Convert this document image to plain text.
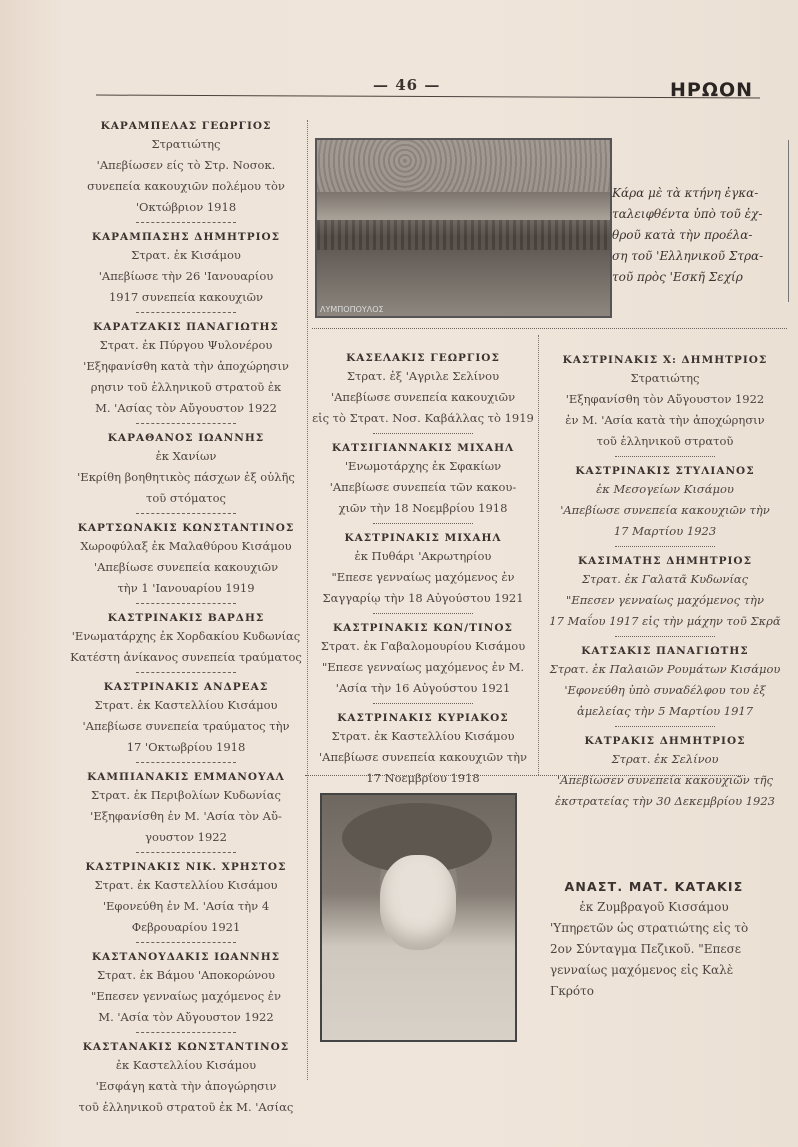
— 46 —	ΗΡΩΟΝ
ΚΑΡΑΜΠΕΛΑΣ ΓΕΩΡΓΙΟΣ
Στρατιώτης
'Απεβίωσεν είς τὸ Στρ. Νοσοκ.
συνεπεία κακουχιῶν πολέμου τὸν
'Οκτώβριον 1918
ΚΑΡΑΜΠΑΣΗΣ ΔΗΜΗΤΡΙΟΣ
Στρατ. ἐκ Κισάμου
'Απεβίωσε τὴν 26 'Ιανουαρίου
1917 συνεπεία κακουχιῶν
ΚΑΡΑΤΖΑΚΙΣ ΠΑΝΑΓΙΩΤΗΣ
Στρατ. ἐκ Πύργου Ψυλονέρου
'Εξηφανίσθη κατὰ τὴν ἀποχώρησιν
ρησιν τοῦ ἑλληνικοῦ στρατοῦ ἐκ
Μ. 'Ασίας τὸν Αὔγουστον 1922
ΚΑΡΑΘΑΝΟΣ ΙΩΑΝΝΗΣ
ἐκ Χανίων
'Εκρίθη βοηθητικὸς πάσχων ἐξ οὐλῆς
τοῦ στόματος
ΚΑΡΤΣΩΝΑΚΙΣ ΚΩΝΣΤΑΝΤΙΝΟΣ
Χωροφύλαξ ἐκ Μαλαθύρου Κισάμου
'Απεβίωσε συνεπεία κακουχιῶν
τὴν 1 'Ιανουαρίου 1919
ΚΑΣΤΡΙΝΑΚΙΣ ΒΑΡΔΗΣ
'Ενωματάρχης ἐκ Χορδακίου Κυδωνίας
Κατέστη ἀνίκανος συνεπεία τραύματος
ΚΑΣΤΡΙΝΑΚΙΣ ΑΝΔΡΕΑΣ
Στρατ. ἐκ Καστελλίου Κισάμου
'Απεβίωσε συνεπεία τραύματος τὴν
17 'Οκτωβρίου 1918
ΚΑΜΠΙΑΝΑΚΙΣ ΕΜΜΑΝΟΥΑΛ
Στρατ. ἐκ Περιβολίων Κυδωνίας
'Εξηφανίσθη ἐν Μ. 'Ασία τὸν Αὔ-
γουστον 1922
ΚΑΣΤΡΙΝΑΚΙΣ ΝΙΚ. ΧΡΗΣΤΟΣ
Στρατ. ἐκ Καστελλίου Κισάμου
'Εφονεύθη ἐν Μ. 'Ασία τὴν 4
Φεβρουαρίου 1921
ΚΑΣΤΑΝΟΥΔΑΚΙΣ ΙΩΑΝΝΗΣ
Στρατ. ἐκ Βάμου 'Αποκορώνου
"Επεσεν γενναίως μαχόμενος ἐν
Μ. 'Ασία τὸν Αὔγουστον 1922
ΚΑΣΤΑΝΑΚΙΣ ΚΩΝΣΤΑΝΤΙΝΟΣ
ἐκ Καστελλίου Κισάμου
'Εσφάγη κατὰ τὴν ἀπογώρησιν
τοῦ ἑλληνικοῦ στρατοῦ ἐκ Μ. 'Ασίας
ΛΥΜΠΟΠΟΥΛΟΣ
Κάρα μὲ τὰ κτήνη ἐγκα-
ταλειφθέντα ὑπὸ τοῦ ἐχ-
θροῦ κατὰ τὴν προέλα-
ση τοῦ 'Ελληνικοῦ Στρα-
τοῦ πρὸς 'Εσκῆ Σεχίρ
ΚΑΣΕΛΑΚΙΣ ΓΕΩΡΓΙΟΣ
Στρατ. ἐξ 'Αγριλε Σελίνου
'Απεβίωσε συνεπεία κακουχιῶν
εἰς τὸ Στρατ. Νοσ. Καβάλλας τὸ 1919
ΚΑΤΣΙΓΙΑΝΝΑΚΙΣ ΜΙΧΑΗΛ
'Ενωμοτάρχης ἐκ Σφακίων
'Απεβίωσε συνεπεία τῶν κακου-
χιῶν τὴν 18 Νοεμβρίου 1918
ΚΑΣΤΡΙΝΑΚΙΣ ΜΙΧΑΗΛ
ἐκ Πυθάρι 'Ακρωτηρίου
"Επεσε γενναίως μαχόμενος ἐν
Σαγγαρίῳ τὴν 18 Αὐγούστου 1921
ΚΑΣΤΡΙΝΑΚΙΣ ΚΩΝ/ΤΙΝΟΣ
Στρατ. ἐκ Γαβαλομουρίου Κισάμου
"Επεσε γενναίως μαχόμενος ἐν Μ.
'Ασία τὴν 16 Αὐγούστου 1921
ΚΑΣΤΡΙΝΑΚΙΣ ΚΥΡΙΑΚΟΣ
Στρατ. ἐκ Καστελλίου Κισάμου
'Απεβίωσε συνεπεία κακουχιῶν τὴν
17 Νοεμβρίου 1918
ΚΑΣΤΡΙΝΑΚΙΣ Χ: ΔΗΜΗΤΡΙΟΣ
Στρατιώτης
'Εξηφανίσθη τὸν Αὔγουστον 1922
ἐν Μ. 'Ασία κατὰ τὴν ἀποχώρησιν
τοῦ ἑλληνικοῦ στρατοῦ
ΚΑΣΤΡΙΝΑΚΙΣ ΣΤΥΛΙΑΝΟΣ
ἐκ Μεσογείων Κισάμου
'Απεβίωσε συνεπεία κακουχιῶν τὴν
17 Μαρτίου 1923
ΚΑΣΙΜΑΤΗΣ ΔΗΜΗΤΡΙΟΣ
Στρατ. ἐκ Γαλατᾶ Κυδωνίας
"Επεσεν γενναίως μαχόμενος τὴν
17 Μαΐου 1917 εἰς τὴν μάχην τοῦ Σκρᾶ
ΚΑΤΣΑΚΙΣ ΠΑΝΑΓΙΩΤΗΣ
Στρατ. ἐκ Παλαιῶν Ρουμάτων Κισάμου
'Εφονεύθη ὑπὸ συναδέλφου του ἐξ
ἀμελείας τὴν 5 Μαρτίου 1917
ΚΑΤΡΑΚΙΣ ΔΗΜΗΤΡΙΟΣ
Στρατ. ἐκ Σελίνου
'Απεβίωσεν συνεπεία κακουχιῶν τῆς
ἐκστρατείας τὴν 30 Δεκεμβρίου 1923
ΑΝΑΣΤ. ΜΑΤ. ΚΑΤΑΚΙΣ
ἐκ Ζυμβραγοῦ Κισσάμου
'Υπηρετῶν ὡς στρατιώτης εἰς τὸ
2ον Σύνταγμα Πεζικοῦ. "Επεσε
γενναίως μαχόμενος εἰς Καλὲ
Γκρότο
